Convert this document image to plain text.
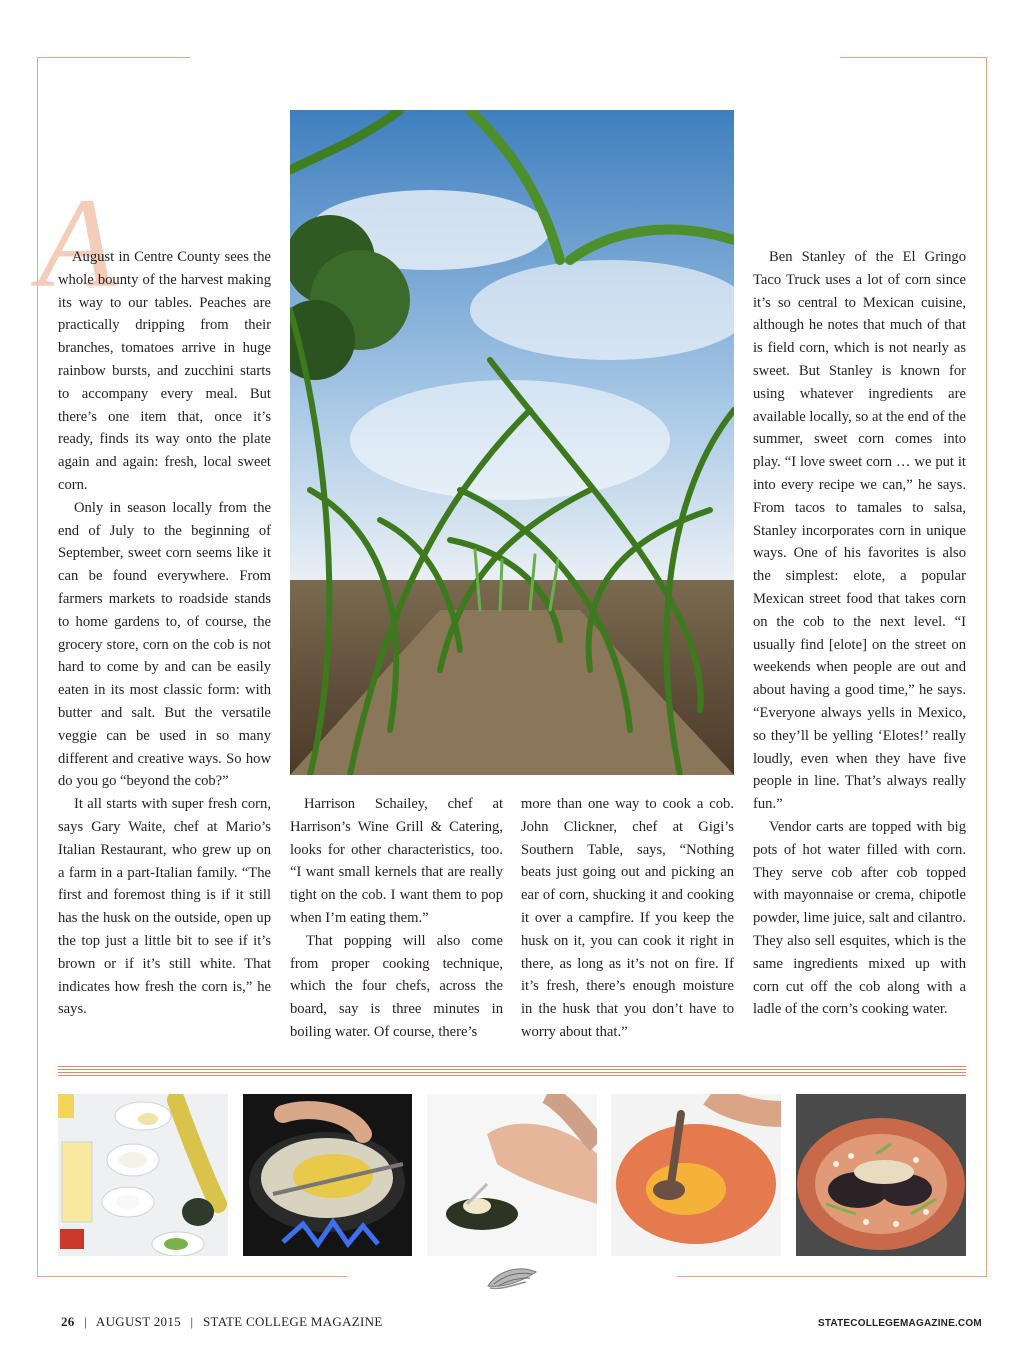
A

August in Centre County sees the whole bounty of the harvest making its way to our tables. Peaches are practically dripping from their branches, tomatoes arrive in huge rainbow bursts, and zucchini starts to accompany every meal. But there’s one item that, once it’s ready, finds its way onto the plate again and again: fresh, local sweet corn.

Only in season locally from the end of July to the beginning of September, sweet corn seems like it can be found everywhere. From farmers markets to roadside stands to home gardens to, of course, the grocery store, corn on the cob is not hard to come by and can be easily eaten in its most classic form: with butter and salt. But the versatile veggie can be used in so many different and creative ways. So how do you go “beyond the cob?”

It all starts with super fresh corn, says Gary Waite, chef at Mario’s Italian Restaurant, who grew up on a farm in a part-Italian family. “The first and foremost thing is if it still has the husk on the outside, open up the top just a little bit to see if it’s brown or if it’s still white. That indicates how fresh the corn is,” he says.

Harrison Schailey, chef at Harrison’s Wine Grill & Catering, looks for other characteristics, too. “I want small kernels that are really tight on the cob. I want them to pop when I’m eating them.”

That popping will also come from proper cooking technique, which the four chefs, across the board, say is three minutes in boiling water. Of course, there’s

more than one way to cook a cob. John Clickner, chef at Gigi’s Southern Table, says, “Nothing beats just going out and picking an ear of corn, shucking it and cooking it over a campfire. If you keep the husk on it, you can cook it right in there, as long as it’s not on fire. If it’s fresh, there’s enough moisture in the husk that you don’t have to worry about that.”

Ben Stanley of the El Gringo Taco Truck uses a lot of corn since it’s so central to Mexican cuisine, although he notes that much of that is field corn, which is not nearly as sweet. But Stanley is known for using whatever ingredients are available locally, so at the end of the summer, sweet corn comes into play. “I love sweet corn … we put it into every recipe we can,” he says. From tacos to tamales to salsa, Stanley incorporates corn in unique ways. One of his favorites is also the simplest: elote, a popular Mexican street food that takes corn on the cob to the next level. “I usually find [elote] on the street on weekends when people are out and about having a good time,” he says. “Everyone always yells in Mexico, so they’ll be yelling ‘Elotes!’ really loudly, even when they have five people in line. That’s always really fun.”

Vendor carts are topped with big pots of hot water filled with corn. They serve cob after cob topped with mayonnaise or crema, chipotle powder, lime juice, salt and cilantro. They also sell esquites, which is the same ingredients mixed up with corn cut off the cob along with a ladle of the corn’s cooking water.

26 | AUGUST 2015 | STATE COLLEGE MAGAZINE	STATECOLLEGEMAGAZINE.COM
